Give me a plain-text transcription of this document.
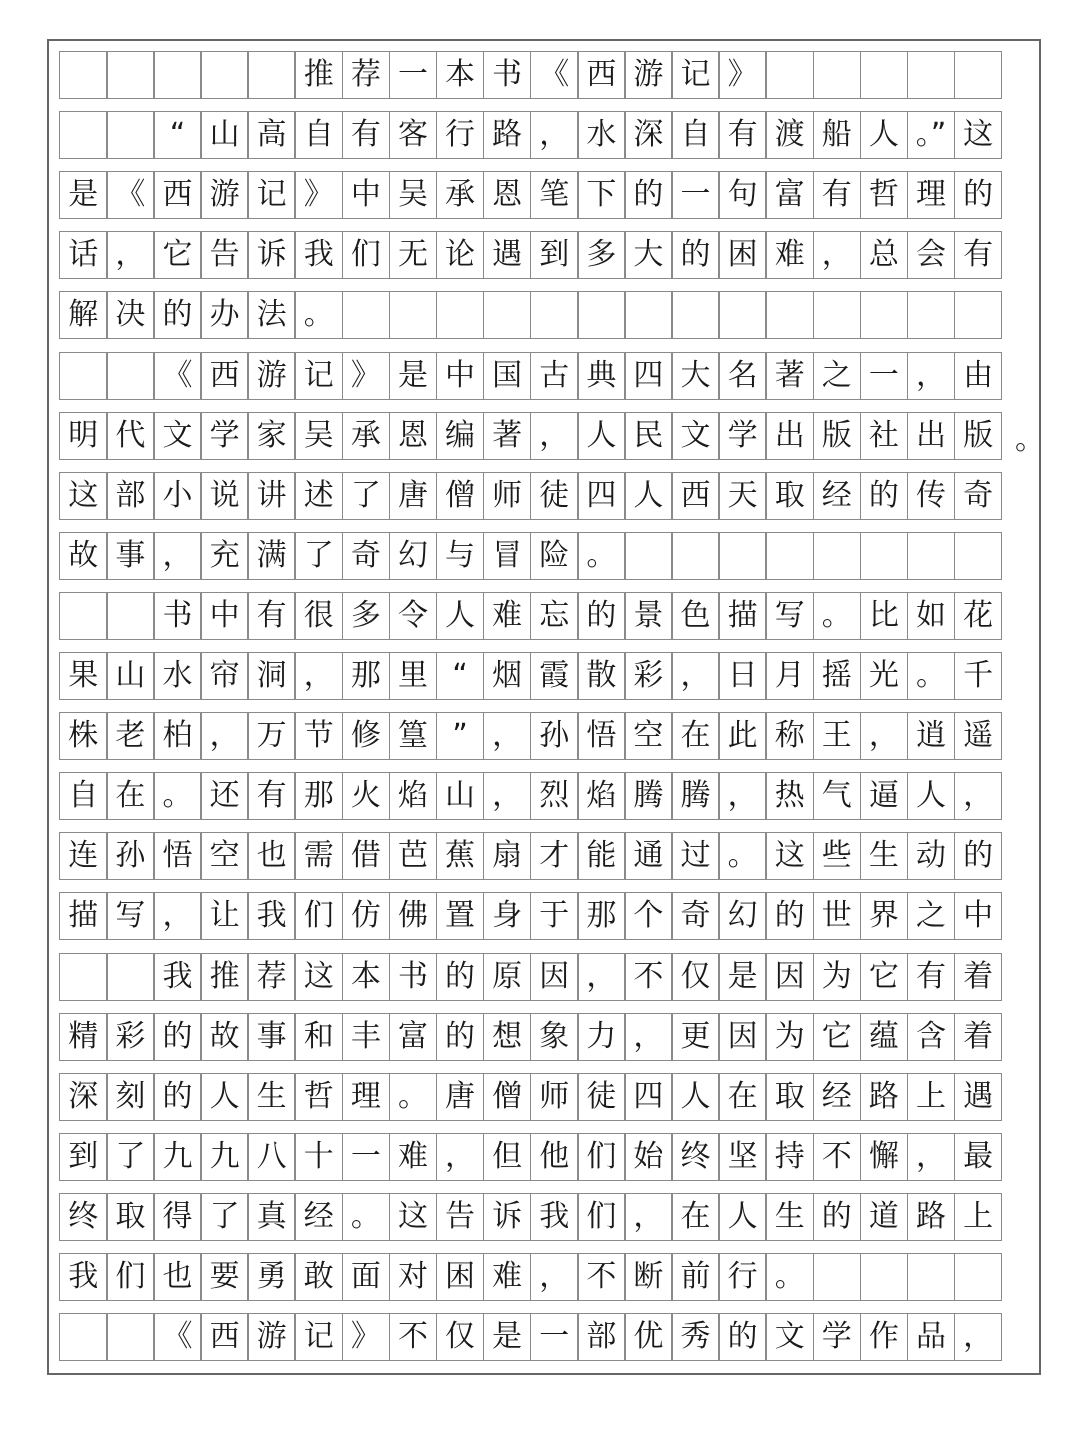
推 荐 一 本 书 《 西 游 记 》
“ 山 高 自 有 客 行 路 ， 水 深 自 有 渡 船 人 。” 这
是 《 西 游 记 》 中 吴 承 恩 笔 下 的 一 句 富 有 哲 理 的
话 ， 它 告 诉 我 们 无 论 遇 到 多 大 的 困 难 ， 总 会 有
解 决 的 办 法 。
《 西 游 记 》 是 中 国 古 典 四 大 名 著 之 一 ， 由
明 代 文 学 家 吴 承 恩 编 著 ， 人 民 文 学 出 版 社 出 版 。
这 部 小 说 讲 述 了 唐 僧 师 徒 四 人 西 天 取 经 的 传 奇
故 事 ， 充 满 了 奇 幻 与 冒 险 。
书 中 有 很 多 令 人 难 忘 的 景 色 描 写 。 比 如 花
果 山 水 帘 洞 ， 那 里 “ 烟 霞 散 彩 ， 日 月 摇 光 。 千
株 老 柏 ， 万 节 修 篁 ” ， 孙 悟 空 在 此 称 王 ， 逍 遥
自 在 。 还 有 那 火 焰 山 ， 烈 焰 腾 腾 ， 热 气 逼 人 ，
连 孙 悟 空 也 需 借 芭 蕉 扇 才 能 通 过 。 这 些 生 动 的
描 写 ， 让 我 们 仿 佛 置 身 于 那 个 奇 幻 的 世 界 之 中
我 推 荐 这 本 书 的 原 因 ， 不 仅 是 因 为 它 有 着
精 彩 的 故 事 和 丰 富 的 想 象 力 ， 更 因 为 它 蕴 含 着
深 刻 的 人 生 哲 理 。 唐 僧 师 徒 四 人 在 取 经 路 上 遇
到 了 九 九 八 十 一 难 ， 但 他 们 始 终 坚 持 不 懈 ， 最
终 取 得 了 真 经 。 这 告 诉 我 们 ， 在 人 生 的 道 路 上
我 们 也 要 勇 敢 面 对 困 难 ， 不 断 前 行 。
《 西 游 记 》 不 仅 是 一 部 优 秀 的 文 学 作 品 ，
